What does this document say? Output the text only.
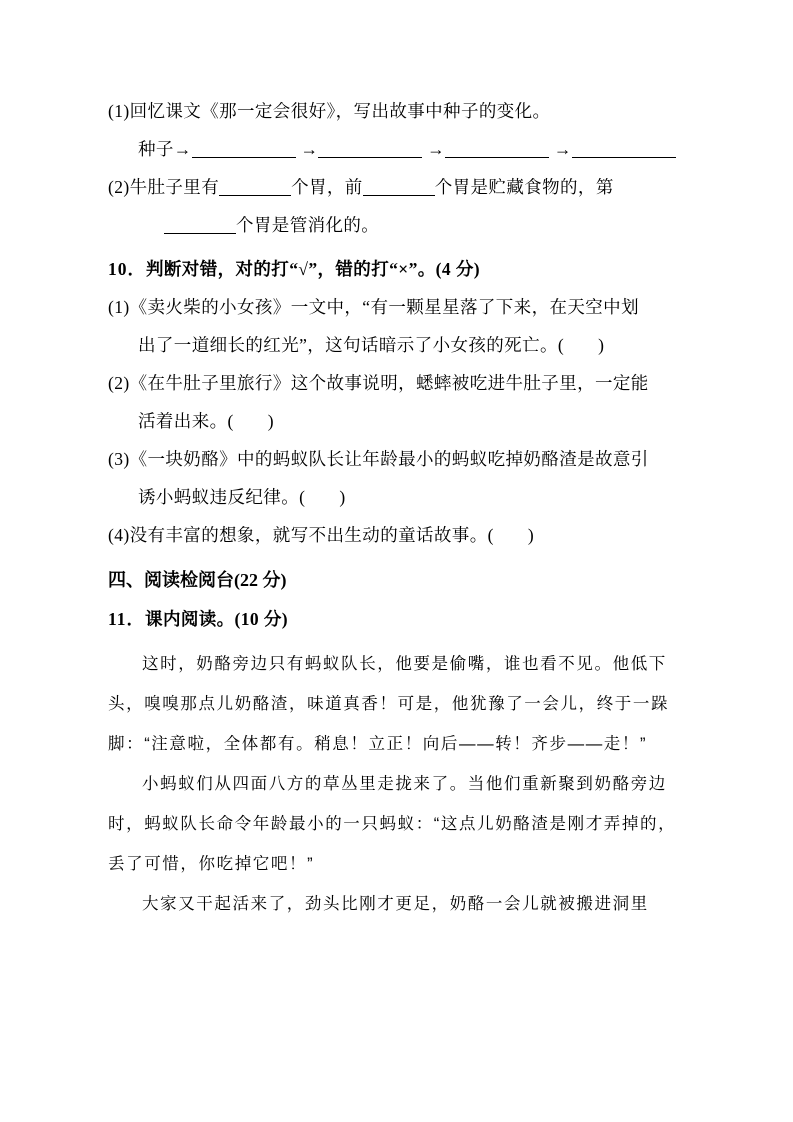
(1)回忆课文《那一定会很好》，写出故事中种子的变化。
种子→	→	→	→
(2)牛肚子里有	个胃，前	个胃是贮藏食物的，第
个胃是管消化的。
10．判断对错，对的打“√”，错的打“×”。(4 分)
(1)《卖火柴的小女孩》一文中，“有一颗星星落了下来，在天空中划
出了一道细长的红光”，这句话暗示了小女孩的死亡。( )
(2)《在牛肚子里旅行》这个故事说明，蟋蟀被吃进牛肚子里，一定能
活着出来。( )
(3)《一块奶酪》中的蚂蚁队长让年龄最小的蚂蚁吃掉奶酪渣是故意引
诱小蚂蚁违反纪律。( )
(4)没有丰富的想象，就写不出生动的童话故事。( )
四、阅读检阅台(22 分)
11．课内阅读。(10 分)
这时，奶酪旁边只有蚂蚁队长，他要是偷嘴，谁也看不见。他低下头，嗅嗅那点儿奶酪渣，味道真香！可是，他犹豫了一会儿，终于一跺脚：“注意啦，全体都有。稍息！立正！向后——转！齐步——走！”
小蚂蚁们从四面八方的草丛里走拢来了。当他们重新聚到奶酪旁边时，蚂蚁队长命令年龄最小的一只蚂蚁：“这点儿奶酪渣是刚才弄掉的，丢了可惜，你吃掉它吧！”
大家又干起活来了，劲头比刚才更足，奶酪一会儿就被搬进洞里
